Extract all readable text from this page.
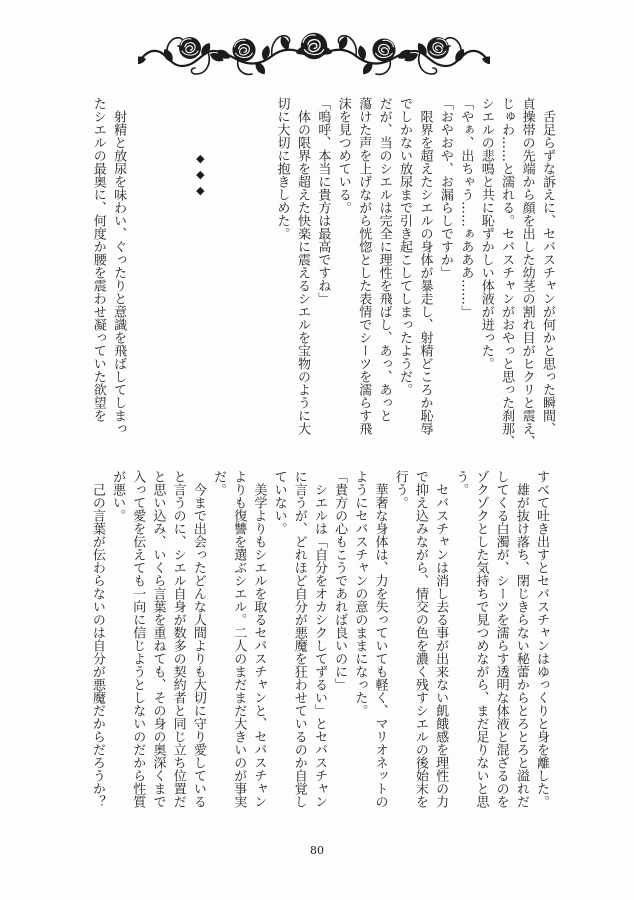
　舌足らずな訴えに、セバスチャンが何かと思った瞬間、
貞操帯の先端から顔を出した幼茎の割れ目がヒクリと震え、
じゅわ……と濡れる。セバスチャンがおやっと思った刹那、
シエルの悲鳴と共に恥ずかしい体液が迸った。
「やぁ、出ちゃう……ぁあああ……」
「おやおや、お漏らしですか」
　限界を超えたシエルの身体が暴走し、射精どころか恥辱
でしかない放尿まで引き起こしてしまったようだ。
だが、当のシエルは完全に理性を飛ばし、あっ、あっと
蕩けた声を上げながら恍惚とした表情でシーツを濡らす飛
沫を見つめている。
「嗚呼、本当に貴方は最高ですね」
　体の限界を超えた快楽に震えるシエルを宝物のように大
切に大切に抱きしめた。
◆◆◆
　射精と放尿を味わい、ぐったりと意識を飛ばしてしまっ
たシエルの最奥に、何度か腰を震わせ凝っていた欲望を
すべて吐き出すとセバスチャンはゆっくりと身を離した。
　雄が抜け落ち、閉じきらない秘蕾からとろとろと溢れだ
してくる白濁が、シーツを濡らす透明な体液と混ざるのを
ゾクゾクとした気持ちで見つめながら、まだ足りないと思
う。
　セバスチャンは消し去る事が出来ない飢餓感を理性の力
で抑え込みながら、情交の色を濃く残すシエルの後始末を
行う。
　華奢な身体は、力を失っていても軽く、マリオネットの
ようにセバスチャンの意のままになった。
「貴方の心もこうであれば良いのに」
　シエルは「自分をオカシクしてずるい」とセバスチャン
に言うが、どれほど自分が悪魔を狂わせているのか自覚し
ていない。
　美学よりもシエルを取るセバスチャンと、セバスチャン
よりも復讐を選ぶシエル。二人のまだまだ大きいのが事実
だ。
　今まで出会ったどんな人間よりも大切に守り愛している
と言うのに、シエル自身が数多の契約者と同じ立ち位置だ
と思い込み、いくら言葉を重ねても、その身の奥深くまで
入って愛を伝えても一向に信じようとしないのだから性質
が悪い。
　己の言葉が伝わらないのは自分が悪魔だからだろうか？
80
